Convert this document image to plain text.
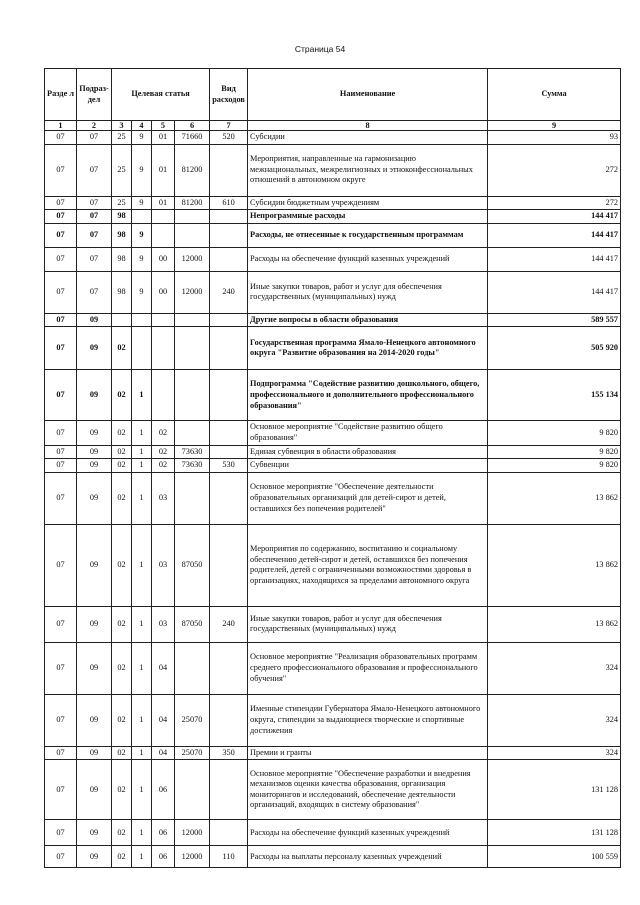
Страница 54
Разде л	Подраз- дел	Целевая статья				Вид расходов	Наименование	Сумма
1	2	3	4	5	6	7	8	9
07	07	25	9	01	71660	520	Субсидии	93
07	07	25	9	01	81200		Мероприятия, направленные на гармонизацию межнациональных, межрелигиозных и этноконфессиональных отношений в автономном округе	272
07	07	25	9	01	81200	610	Субсидии бюджетным учреждениям	272
07	07	98					Непрограммные расходы	144 417
07	07	98	9				Расходы, не отнесенные к государственным программам	144 417
07	07	98	9	00	12000		Расходы на обеспечение функций казенных учреждений	144 417
07	07	98	9	00	12000	240	Иные закупки товаров, работ и услуг для обеспечения государственных (муниципальных) нужд	144 417
07	09						Другие вопросы в области образования	589 557
07	09	02					Государственная программа Ямало-Ненецкого автономного округа "Развитие образования на 2014-2020 годы"	505 920
07	09	02	1				Подпрограмма "Содействие развитию дошкольного, общего, профессионального и дополнительного профессионального образования"	155 134
07	09	02	1	02			Основное мероприятие "Содействие развитию общего образования"	9 820
07	09	02	1	02	73630		Единая субвенция в области образования	9 820
07	09	02	1	02	73630	530	Субвенции	9 820
07	09	02	1	03			Основное мероприятие "Обеспечение деятельности образовательных организаций для детей-сирот и детей, оставшихся без попечения родителей"	13 862
07	09	02	1	03	87050		Мероприятия по содержанию, воспитанию и социальному обеспечению детей-сирот и детей, оставшихся без попечения родителей, детей с ограниченными возможностями здоровья в организациях, находящихся за пределами автономного округа	13 862
07	09	02	1	03	87050	240	Иные закупки товаров, работ и услуг для обеспечения государственных (муниципальных) нужд	13 862
07	09	02	1	04			Основное мероприятие "Реализация образовательных программ среднего профессионального образования и профессионального обучения"	324
07	09	02	1	04	25070		Именные стипендии Губернатора Ямало-Ненецкого автономного округа, стипендии за выдающиеся творческие и спортивные достижения	324
07	09	02	1	04	25070	350	Премии и гранты	324
07	09	02	1	06			Основное мероприятие "Обеспечение разработки и внедрения механизмов оценки качества образования, организация мониторингов и исследований, обеспечение деятельности организаций, входящих в систему образования"	131 128
07	09	02	1	06	12000		Расходы на обеспечение функций казенных учреждений	131 128
07	09	02	1	06	12000	110	Расходы на выплаты персоналу казенных учреждений	100 559
